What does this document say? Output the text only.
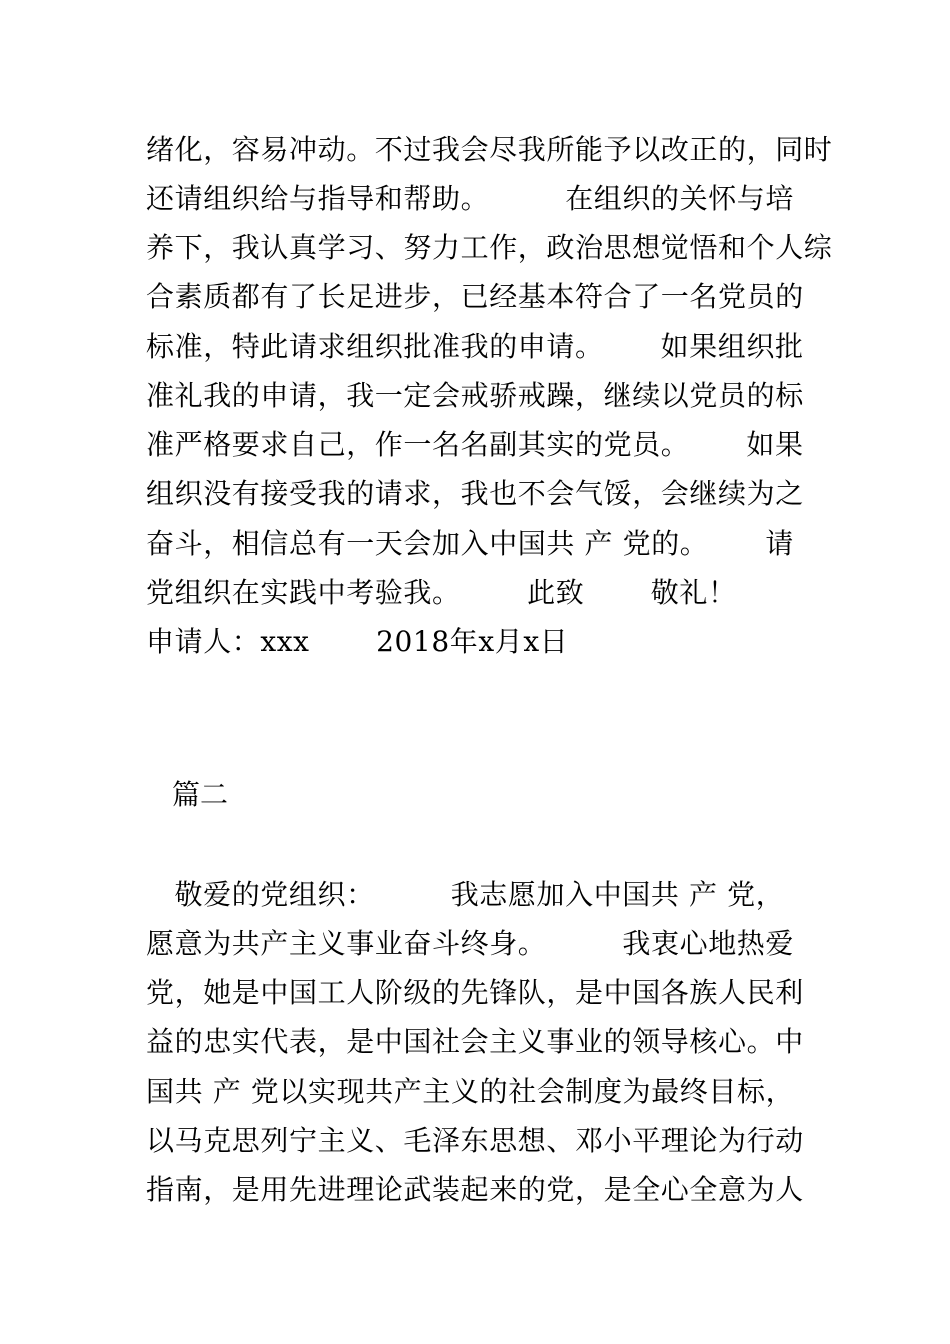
绪化，容易冲动。不过我会尽我所能予以改正的，同时
还请组织给与指导和帮助。        在组织的关怀与培
养下，我认真学习、努力工作，政治思想觉悟和个人综
合素质都有了长足进步，已经基本符合了一名党员的
标准，特此请求组织批准我的申请。      如果组织批
准礼我的申请，我一定会戒骄戒躁，继续以党员的标
准严格要求自己，作一名名副其实的党员。      如果
组织没有接受我的请求，我也不会气馁，会继续为之
奋斗，相信总有一天会加入中国共 产 党的。      请
党组织在实践中考验我。       此致       敬礼！
申请人：xxx       2018年x月x日
篇二
敬爱的党组织：        我志愿加入中国共 产 党，
愿意为共产主义事业奋斗终身。        我衷心地热爱
党，她是中国工人阶级的先锋队，是中国各族人民利
益的忠实代表，是中国社会主义事业的领导核心。中
国共 产 党以实现共产主义的社会制度为最终目标，
以马克思列宁主义、毛泽东思想、邓小平理论为行动
指南，是用先进理论武装起来的党，是全心全意为人
